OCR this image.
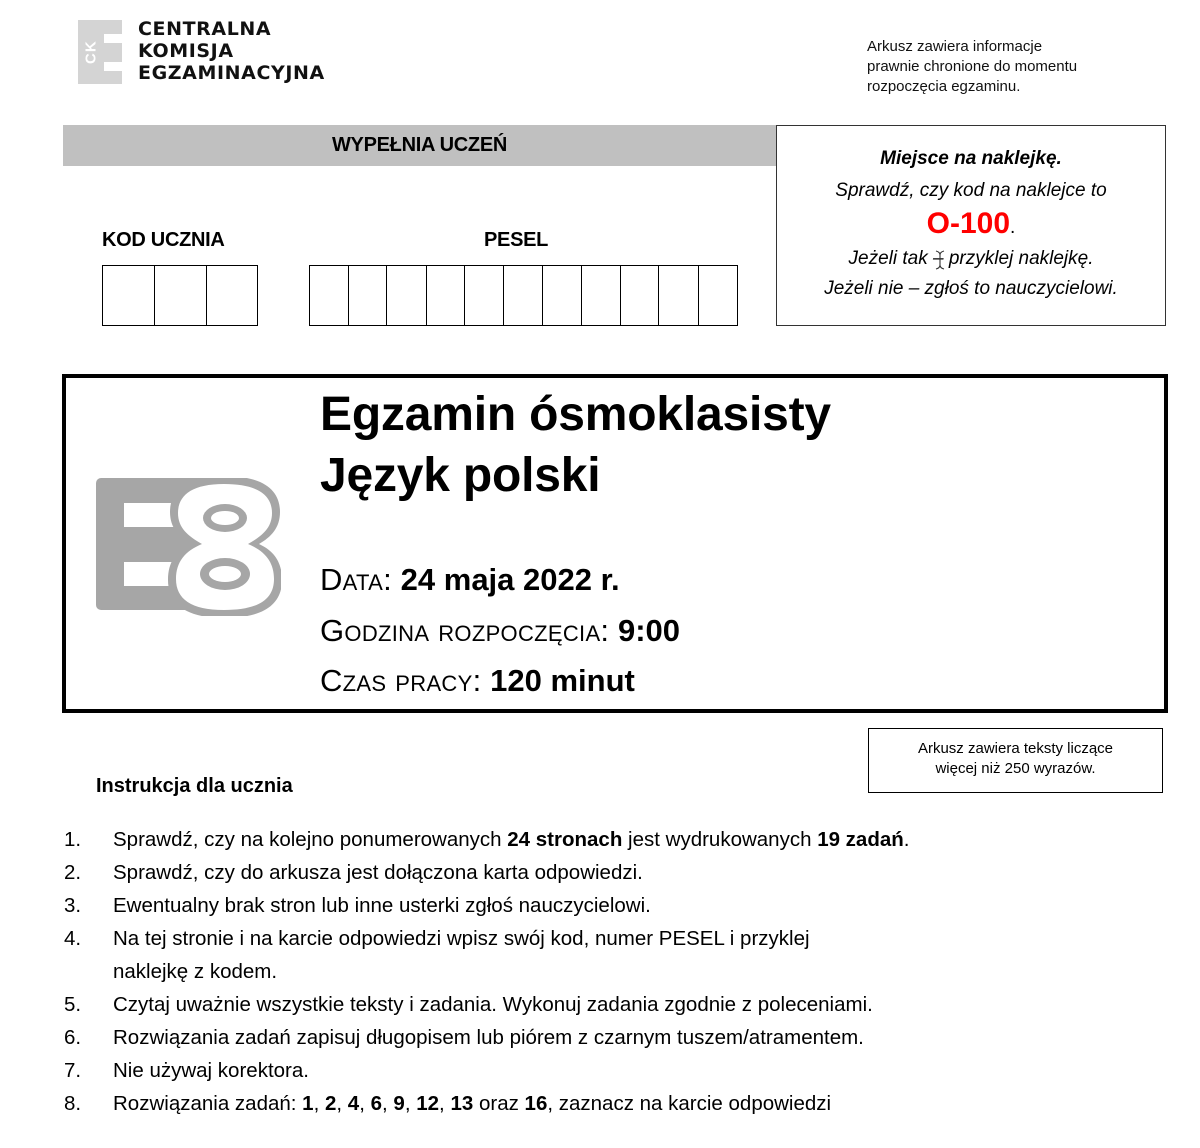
CK
CENTRALNA
KOMISJA
EGZAMINACYJNA
Arkusz zawiera informacje
prawnie chronione do momentu
rozpoczęcia egzaminu.
WYPEŁNIA UCZEŃ
KOD UCZNIA	PESEL
Miejsce na naklejkę.
Sprawdź, czy kod na naklejce to
O-100.
Jeżeli tak – przyklej naklejkę.
Jeżeli nie – zgłoś to nauczycielowi.
Egzamin ósmoklasisty
Język polski
Data: 24 maja 2022 r.
Godzina rozpoczęcia: 9:00
Czas pracy: 120 minut
Arkusz zawiera teksty liczące
więcej niż 250 wyrazów.
Instrukcja dla ucznia
1.	Sprawdź, czy na kolejno ponumerowanych 24 stronach jest wydrukowanych 19 zadań.
2.	Sprawdź, czy do arkusza jest dołączona karta odpowiedzi.
3.	Ewentualny brak stron lub inne usterki zgłoś nauczycielowi.
4.	Na tej stronie i na karcie odpowiedzi wpisz swój kod, numer PESEL i przyklej
naklejkę z kodem.
5.	Czytaj uważnie wszystkie teksty i zadania. Wykonuj zadania zgodnie z poleceniami.
6.	Rozwiązania zadań zapisuj długopisem lub piórem z czarnym tuszem/atramentem.
7.	Nie używaj korektora.
8.	Rozwiązania zadań: 1, 2, 4, 6, 9, 12, 13 oraz 16, zaznacz na karcie odpowiedzi
